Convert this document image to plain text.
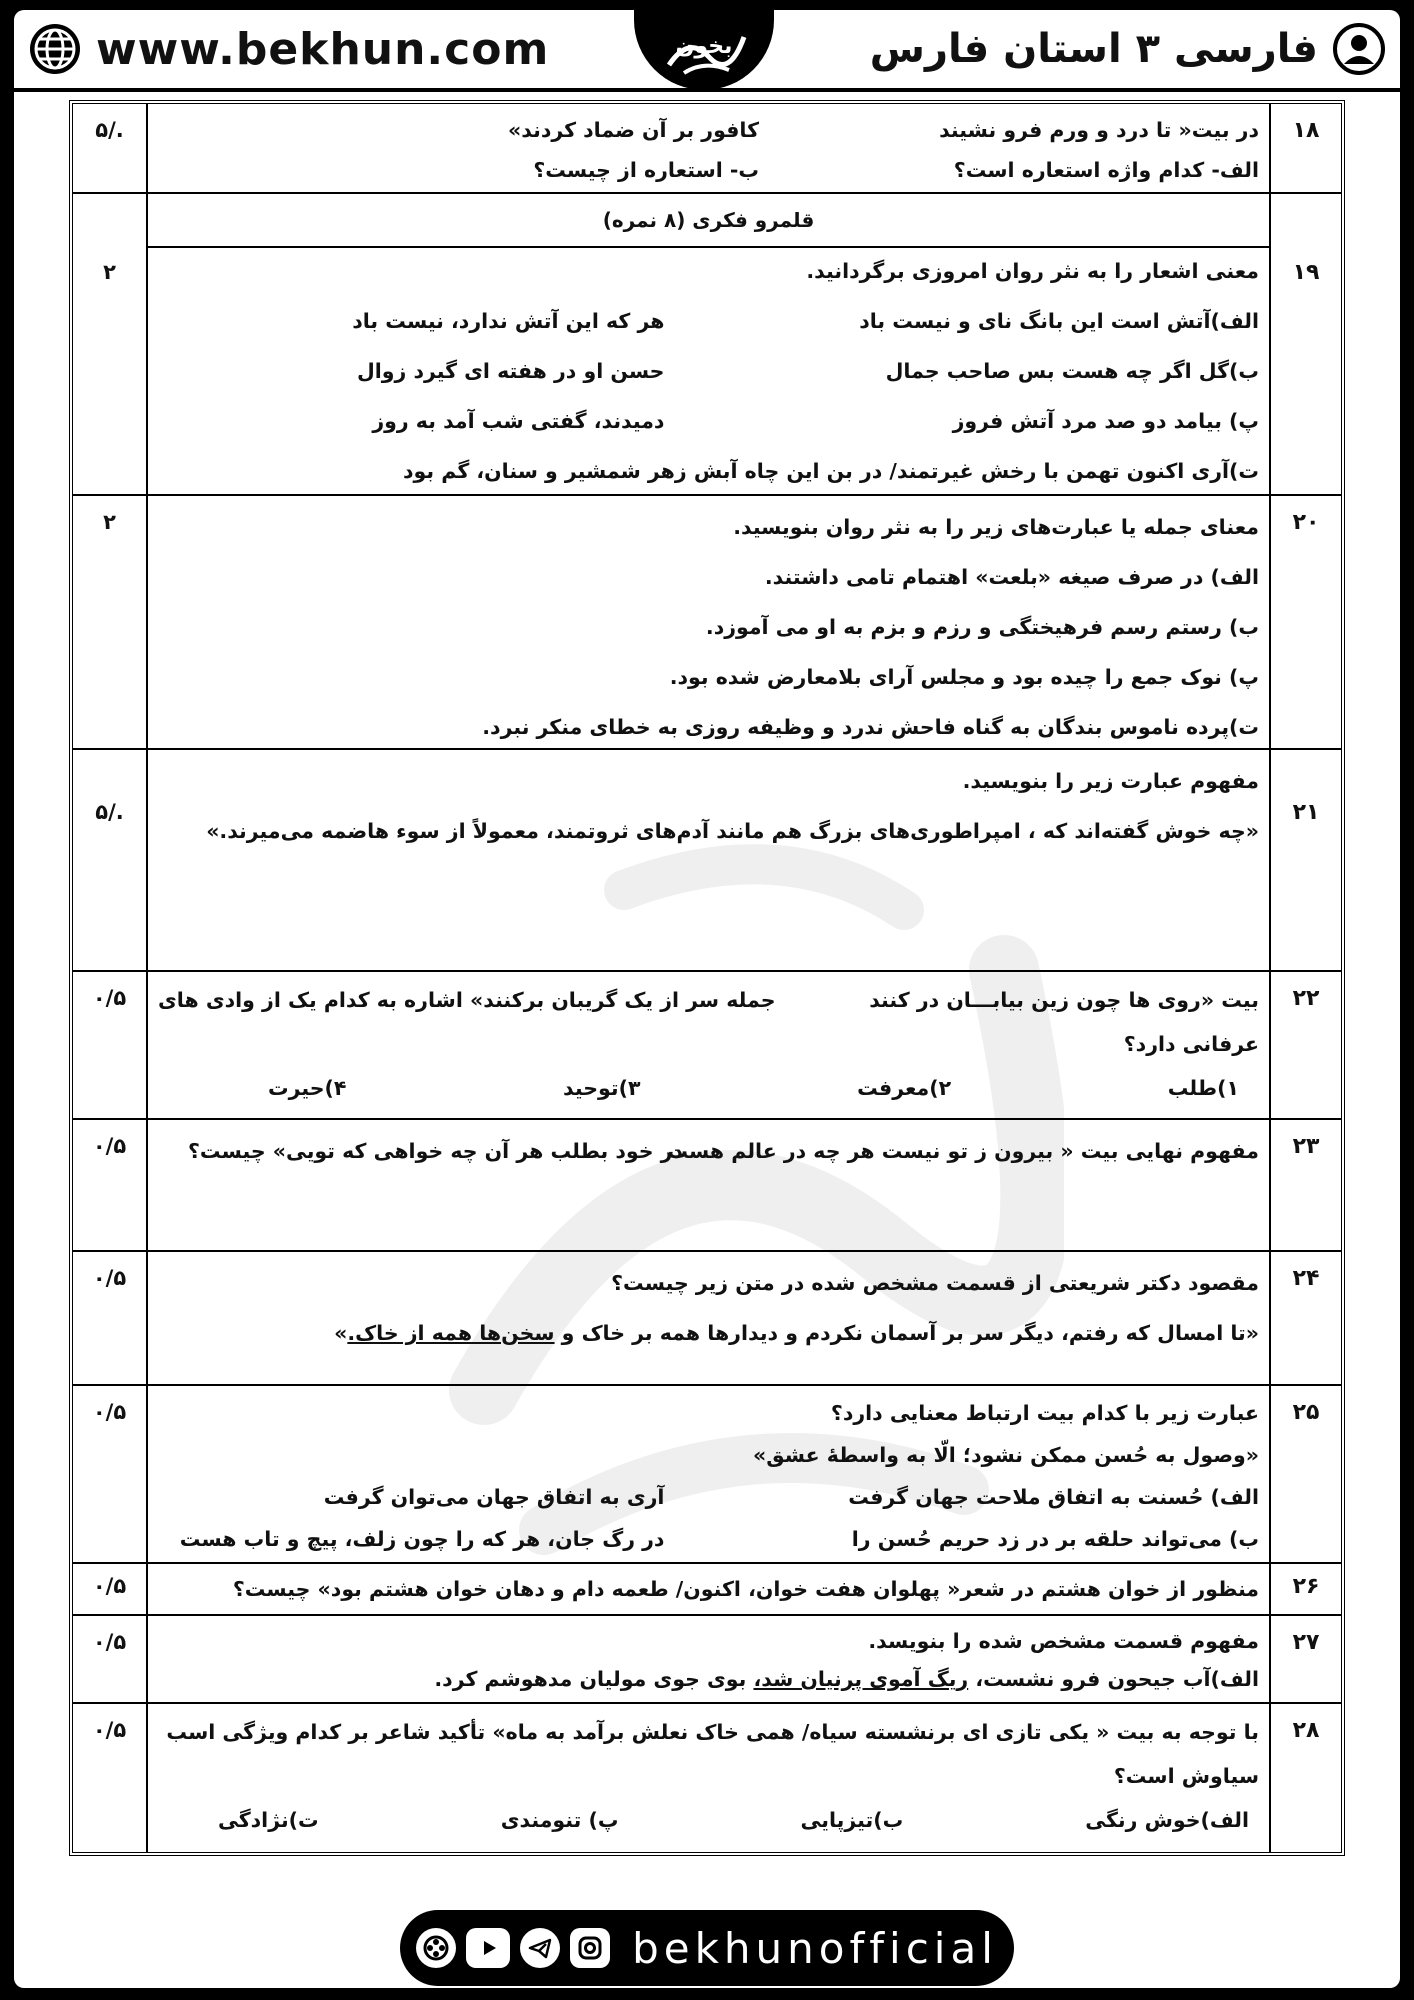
www.bekhun.com	بخون	فارسی ۳ استان فارس
۱۸
در بیت« تا درد و ورم فرو نشیند
کافور بر آن ضماد کردند»
الف- کدام واژه استعاره است؟
ب- استعاره از چیست؟
۵/.
قلمرو فکری (۸ نمره)
۱۹
معنی اشعار را به نثر روان امروزی برگردانید.
الف)آتش است این بانگ نای و نیست باد
هر که این آتش ندارد، نیست باد
ب)گل اگر چه هست بس صاحب جمال
حسن او در هفته ای گیرد زوال
پ) بیامد دو صد مرد آتش فروز
دمیدند، گفتی شب آمد به روز
ت)آری اکنون تهمن با رخش غیرتمند/ در بن این چاه آبش زهر شمشیر و سنان، گم بود
۲
۲۰
معنای جمله یا عبارت‌های زیر را به نثر روان بنویسید.
الف) در صرف صیغه «بلعت» اهتمام تامی داشتند.
ب) رستم رسم فرهیختگی و رزم و بزم به او می آموزد.
پ) نوک جمع را چیده بود و مجلس آرای بلامعارض شده بود.
ت)پرده ناموس بندگان به گناه فاحش ندرد و وظیفه روزی به خطای منکر نبرد.
۲
۲۱
مفهوم عبارت زیر را بنویسید.
«چه خوش گفته‌اند که ، امپراطوری‌های بزرگ هم مانند آدم‌های ثروتمند، معمولاً از سوء هاضمه می‌میرند.»
۵/.
۲۲
بیت «روی ها چون زین بیابـــان در کنند
جمله سر از یک گریبان برکنند» اشاره به کدام یک از وادی های
عرفانی دارد؟
۱)طلب
۲)معرفت
۳)توحید
۴)حیرت
۰/۵
۲۳
مفهوم نهایی بیت « بیرون ز تو نیست هر چه در عالم هست
در خود بطلب هر آن چه خواهی که تویی» چیست؟
۰/۵
۲۴
مقصود دکتر شریعتی از قسمت مشخص شده در متن زیر چیست؟
«تا امسال که رفتم، دیگر سر بر آسمان نکردم و دیدارها همه بر خاک و سخن‌ها همه از خاک.»
۰/۵
۲۵
عبارت زیر با کدام بیت ارتباط معنایی دارد؟
«وصول به حُسن ممکن نشود؛ الّا به واسطۀ عشق»
الف) حُسنت به اتفاق ملاحت جهان گرفت
آری به اتفاق جهان می‌توان گرفت
ب) می‌تواند حلقه بر در زد حریم حُسن را
در رگ جان، هر که را چون زلف، پیچ و تاب هست
۰/۵
۲۶
منظور از خوان هشتم در شعر« پهلوان هفت خوان، اکنون/ طعمه دام و دهان خوان هشتم بود» چیست؟
۰/۵
۲۷
مفهوم قسمت مشخص شده را بنویسد.
الف)آب جیحون فرو نشست، ریگ آموی پرنیان شد، بوی جوی مولیان مدهوشم کرد.
۰/۵
۲۸
با توجه به بیت « یکی تازی ای برنشسته سیاه/ همی خاک نعلش برآمد به ماه» تأکید شاعر بر کدام ویژگی اسب
سیاوش است؟
الف)خوش رنگی
ب)تیزپایی
پ) تنومندی
ت)نژادگی
۰/۵
bekhunofficial
